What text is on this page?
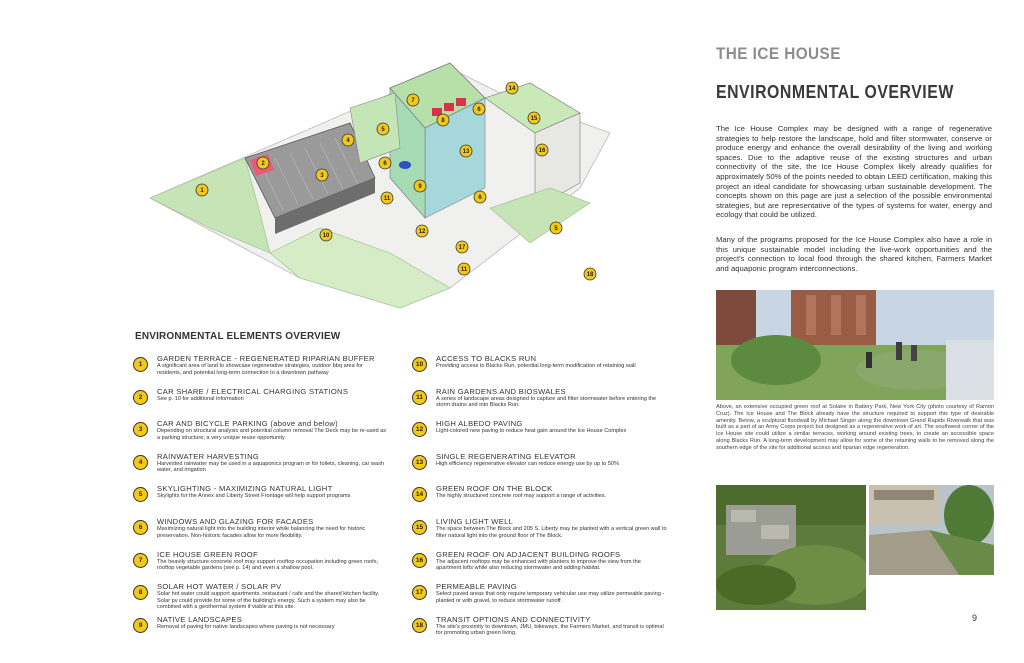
1
2
3
4
5
6
7
8
9
10
11
12
13
14
15
16
17
11
5
6
6
18
ENVIRONMENTAL ELEMENTS OVERVIEW
1
GARDEN TERRACE - REGENERATED RIPARIAN BUFFER
A significant area of land to showcase regenerative strategies, outdoor bbq area for residents, and potential long-term connection to a downtown pathway
2
CAR SHARE / ELECTRICAL CHARGING STATIONS
See p. 10 for additional information
3
CAR AND BICYCLE PARKING (above and below)
Depending on structural analysis and potential column removal The Deck may be re-used as a parking structure; a very unique reuse opportunity
4
RAINWATER HARVESTING
Harvested rainwater may be used in a aquaponics program or for toilets, cleaning, car wash water, and irrigation
5
SKYLIGHTING - MAXIMIZING NATURAL LIGHT
Skylights for the Annex and Liberty Street Frontage will help support programs
6
WINDOWS AND GLAZING FOR FACADES
Maximizing natural light into the building interior while balancing the need for historic preservation. Non-historic facades allow for more flexibility.
7
ICE HOUSE GREEN ROOF
The heavily structure concrete roof may support rooftop occupation including green roofs, rooftop vegetable gardens (see p. 14) and even a shallow pool.
8
SOLAR HOT WATER / SOLAR PV
Solar hot water could support apartments, restaurant / cafe and the shared kitchen facility. Solar pv could provide for some of the building's energy. Such a system may also be combined with a geothermal system if viable at this site.
9
NATIVE LANDSCAPES
Removal of paving for native landscapes where paving is not necessary
10
ACCESS TO BLACKS RUN
Providing access to Blacks Run, potential long-term modification of retaining wall
11
RAIN GARDENS AND BIOSWALES
A series of landscape areas designed to capture and filter stormwater before entering the storm drains and into Blacks Run.
12
HIGH ALBEDO PAVING
Light-colored new paving to reduce heat gain around the Ice House Complex
13
SINGLE REGENERATING ELEVATOR
High efficiency regenerative elevator can reduce energy use by up to 50%
14
GREEN ROOF ON THE BLOCK
The highly structured concrete roof may support a range of activities.
15
LIVING LIGHT WELL
The space between The Block and 205 S. Liberty may be planted with a vertical green wall to filter natural light into the ground floor of The Block.
16
GREEN ROOF ON ADJACENT BUILDING ROOFS
The adjacent rooftops may be enhanced with planters to improve the view from the apartment lofts while also reducing stormwater and adding habitat.
17
PERMEABLE PAVING
Select paved areas that only require temporary vehicular use may utilize permeable paving - planted or with gravel, to reduce stormwater runoff.
18
TRANSIT OPTIONS AND CONNECTIVITY
The site's proximity to downtown, JMU, bikeways, the Farmers Market, and transit is optimal for promoting urban green living.
THE ICE HOUSE
ENVIRONMENTAL OVERVIEW

The Ice House Complex may be designed with a range of regenerative strategies to help restore the landscape, hold and filter stormwater, conserve or produce energy and enhance the overall desirability of the living and working spaces. Due to the adaptive reuse of the existing structures and urban connectivity of the site, the Ice House Complex likely already qualifies for approximately 50% of the points needed to obtain LEED certification, making this project an ideal candidate for showcasing urban sustainable development. The concepts shown on this page are just a selection of the possible environmental strategies, but are representative of the types of systems for water, energy and ecology that could be utilized.

Many of the programs proposed for the Ice House Complex also have a role in this unique sustainable model including the live-work opportunities and the project's connection to local food through the shared kitchen, Farmers Market and aquaponic program interconnections.

Above, an extensive occupied green roof at Solaire in Battery Park, New York City (photo courtesy of Ramon Cruz). The Ice House and The Block already have the structure required to support this type of desirable amenity. Below, a sculptural floodwall by Michael Singer along the downtown Grand Rapids Riverwalk that was built as a part of an Army Corps project but designed as a regenerative work of art. The southwest corner of the Ice House site could utilize a similar terraces, working around existing trees, to create an accessible space along Blacks Run. A long-term development may allow for some of the retaining walls to be removed along the southern edge of the site for additional access and riparian edge regeneration.

9
